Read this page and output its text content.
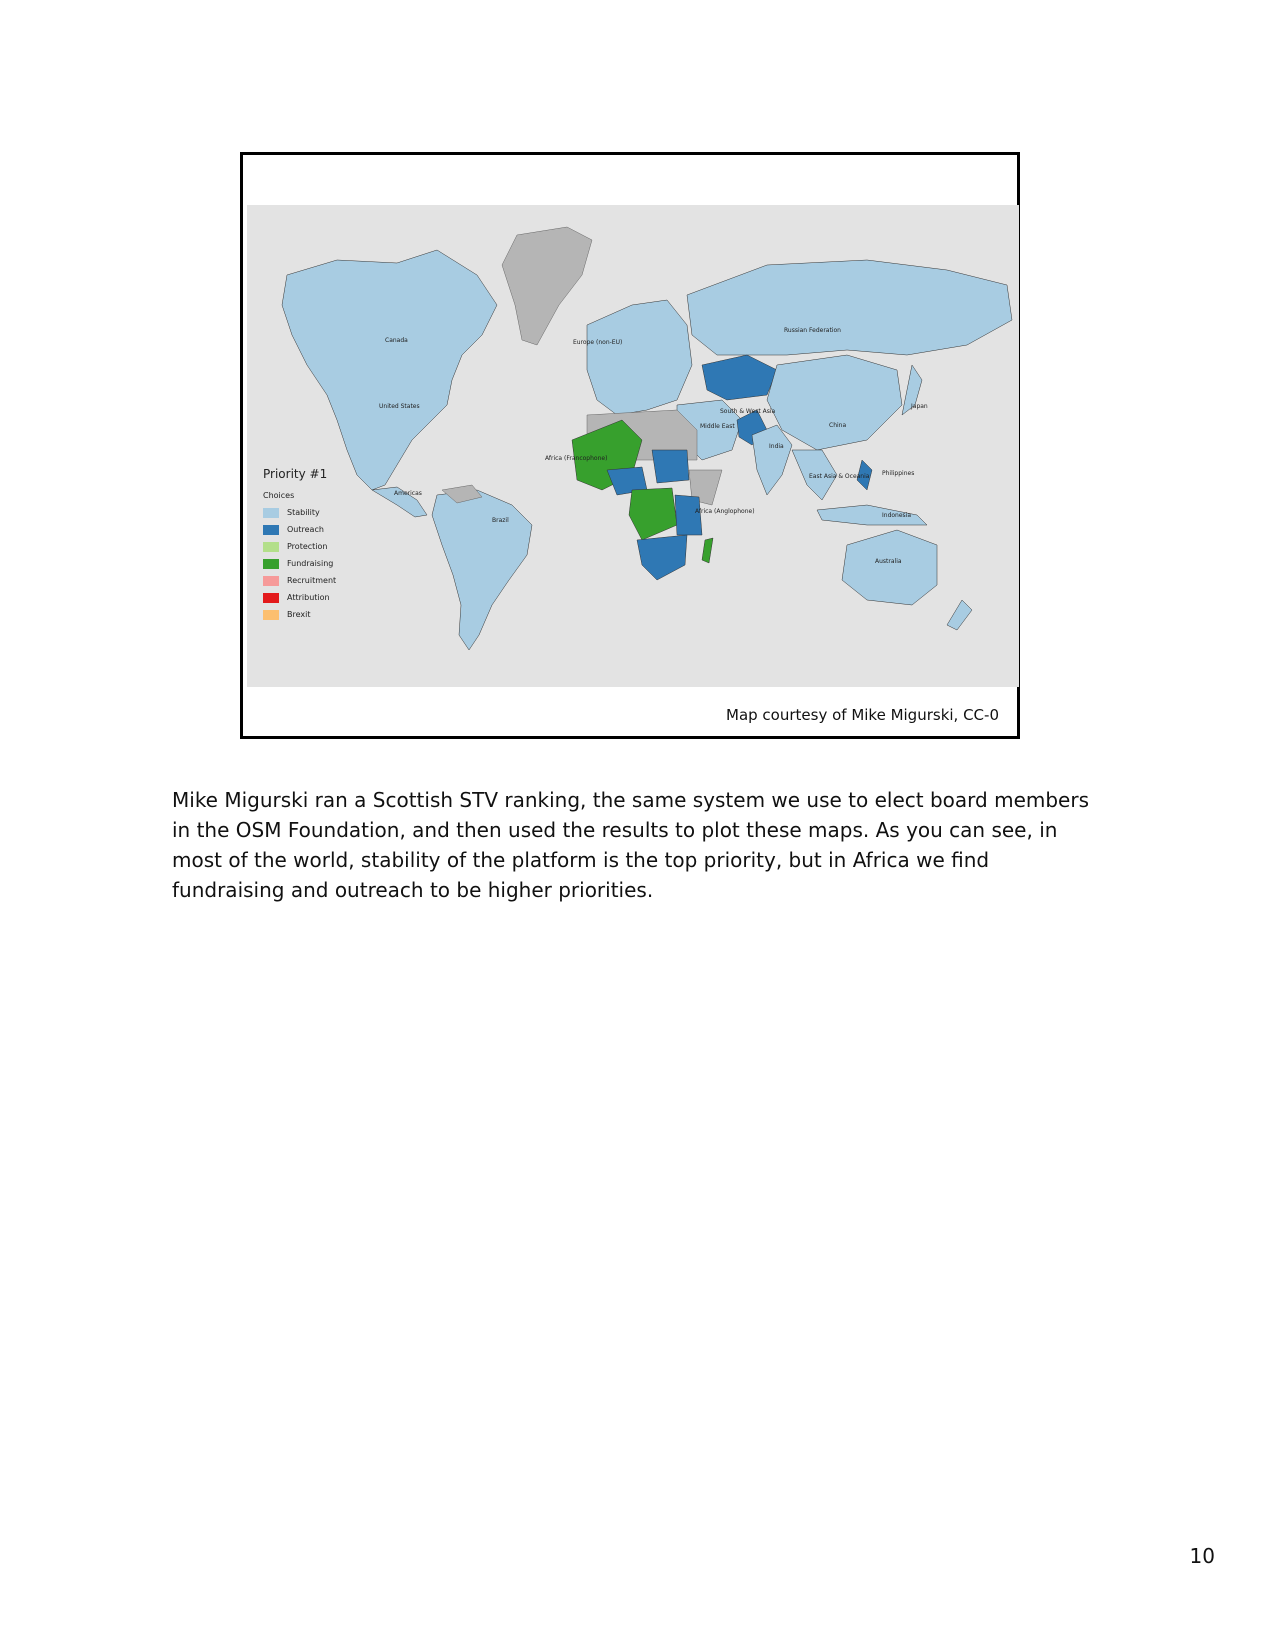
Priority #1
Choices
Stability
Outreach
Protection
Fundraising
Recruitment
Attribution
Brexit
Canada
United States
Americas
Brazil
Europe (non-EU)
Russian Federation
China
Japan
India
South & West Asia
Middle East
East Asia & Oceania Philippines
Indonesia
Australia
Africa (Francophone)
Africa (Anglophone)
Map courtesy of Mike Migurski, CC-0

Mike Migurski ran a Scottish STV ranking, the same system we use to elect board members in the OSM Foundation, and then used the results to plot these maps. As you can see, in most of the world, stability of the platform is the top priority, but in Africa we find fundraising and outreach to be higher priorities.

10
